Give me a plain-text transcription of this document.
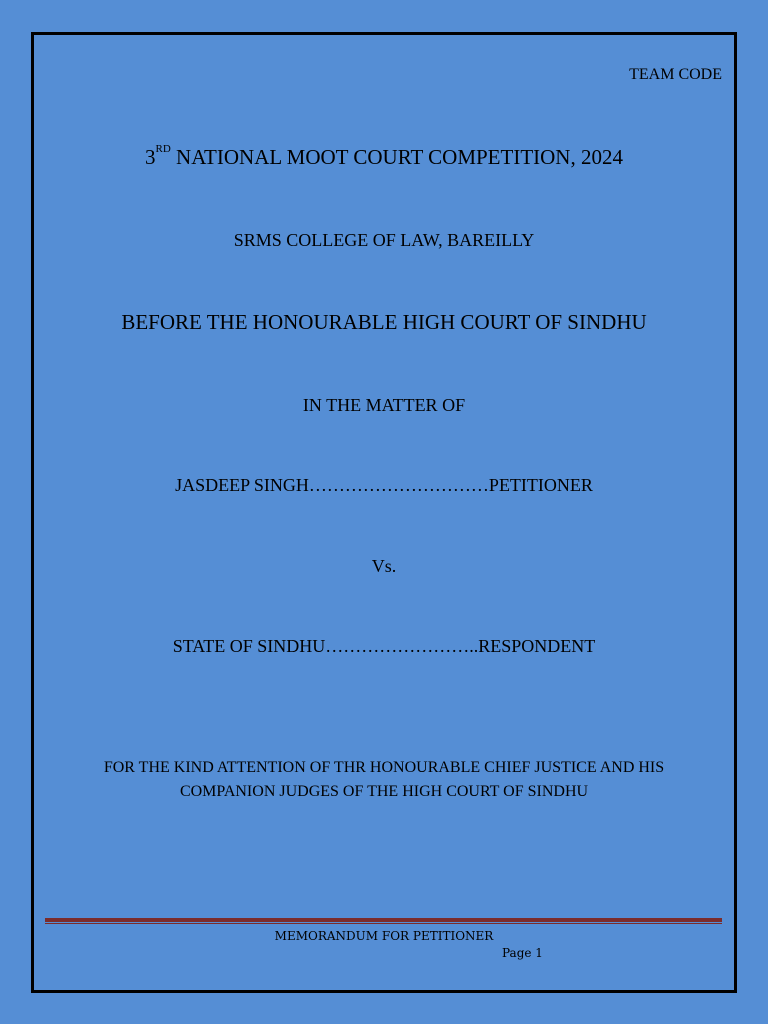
TEAM CODE
3RD NATIONAL MOOT COURT COMPETITION, 2024
SRMS COLLEGE OF LAW, BAREILLY
BEFORE THE HONOURABLE HIGH COURT OF SINDHU
IN THE MATTER OF
JASDEEP SINGH…………………………PETITIONER
Vs.
STATE OF SINDHU……………………..RESPONDENT
FOR THE KIND ATTENTION OF THR HONOURABLE CHIEF JUSTICE AND HIS COMPANION JUDGES OF THE HIGH COURT OF SINDHU
MEMORANDUM FOR PETITIONER
Page 1
